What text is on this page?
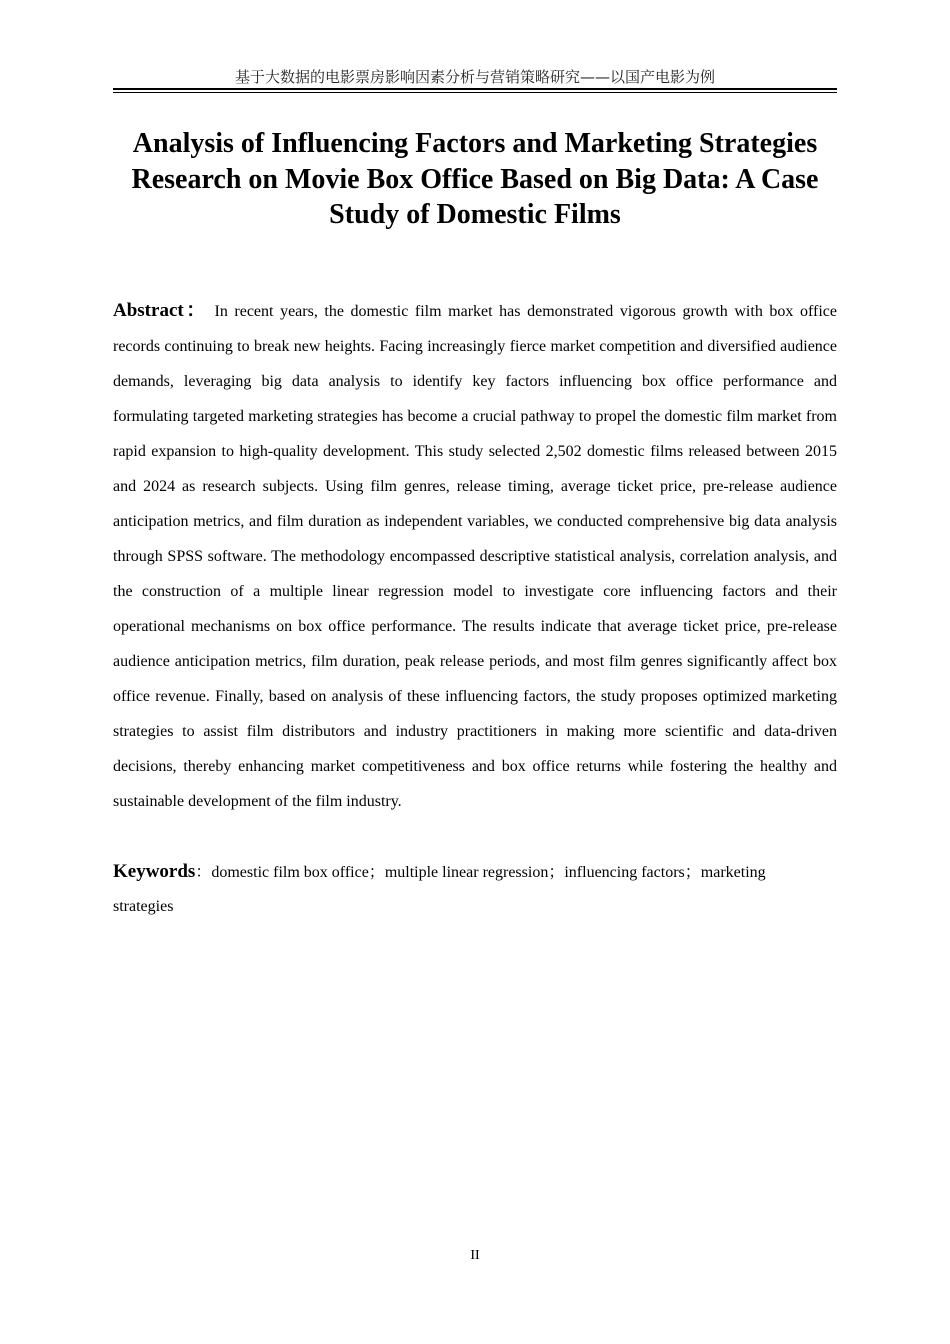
基于大数据的电影票房影响因素分析与营销策略研究——以国产电影为例
Analysis of Influencing Factors and Marketing Strategies Research on Movie Box Office Based on Big Data: A Case Study of Domestic Films

Abstract： In recent years, the domestic film market has demonstrated vigorous growth with box office records continuing to break new heights. Facing increasingly fierce market competition and diversified audience demands, leveraging big data analysis to identify key factors influencing box office performance and formulating targeted marketing strategies has become a crucial pathway to propel the domestic film market from rapid expansion to high-quality development. This study selected 2,502 domestic films released between 2015 and 2024 as research subjects. Using film genres, release timing, average ticket price, pre-release audience anticipation metrics, and film duration as independent variables, we conducted comprehensive big data analysis through SPSS software. The methodology encompassed descriptive statistical analysis, correlation analysis, and the construction of a multiple linear regression model to investigate core influencing factors and their operational mechanisms on box office performance. The results indicate that average ticket price, pre-release audience anticipation metrics, film duration, peak release periods, and most film genres significantly affect box office revenue. Finally, based on analysis of these influencing factors, the study proposes optimized marketing strategies to assist film distributors and industry practitioners in making more scientific and data-driven decisions, thereby enhancing market competitiveness and box office returns while fostering the healthy and sustainable development of the film industry.

Keywords：domestic film box office；multiple linear regression；influencing factors；marketing strategies

II
